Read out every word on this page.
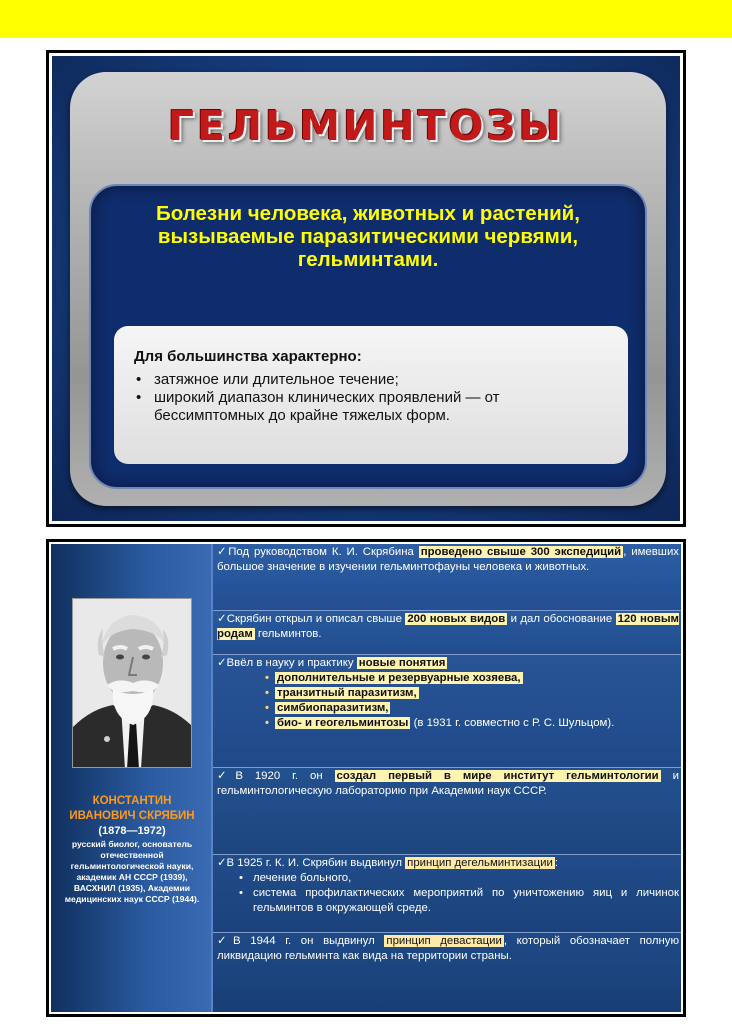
ГЕЛЬМИНТОЗЫ
Болезни человека, животных и растений,
вызываемые паразитическими червями,
гельминтами.
Для большинства характерно:
• затяжное или длительное течение;
• широкий диапазон клинических проявлений — от бессимптомных до крайне тяжелых форм.
КОНСТАНТИН
ИВАНОВИЧ СКРЯБИН
(1878—1972)
русский биолог, основатель отечественной гельминтологической науки, академик АН СССР (1939), ВАСХНИЛ (1935), Академии медицинских наук СССР (1944).
✓Под руководством К. И. Скрябина проведено свыше 300 экспедиций , имевших большое значение в изучении гельминтофауны человека и животных.
✓Скрябин открыл и описал свыше 200 новых видов и дал обоснование 120 новым родам гельминтов.
✓Ввёл в науку и практику новые понятия
• дополнительные и резервуарные хозяева,
• транзитный паразитизм,
• симбиопаразитизм,
• био- и геогельминтозы (в 1931 г. совместно с Р. С. Шульцом).
✓В 1920 г. он создал первый в мире институт гельминтологии и гельминтологическую лабораторию при Академии наук СССР.
✓В 1925 г. К. И. Скрябин выдвинул принцип дегельминтизации :
• лечение больного,
• система профилактических мероприятий по уничтожению яиц и личинок гельминтов в окружающей среде.
✓В 1944 г. он выдвинул принцип девастации , который обозначает полную ликвидацию гельминта как вида на территории страны.
